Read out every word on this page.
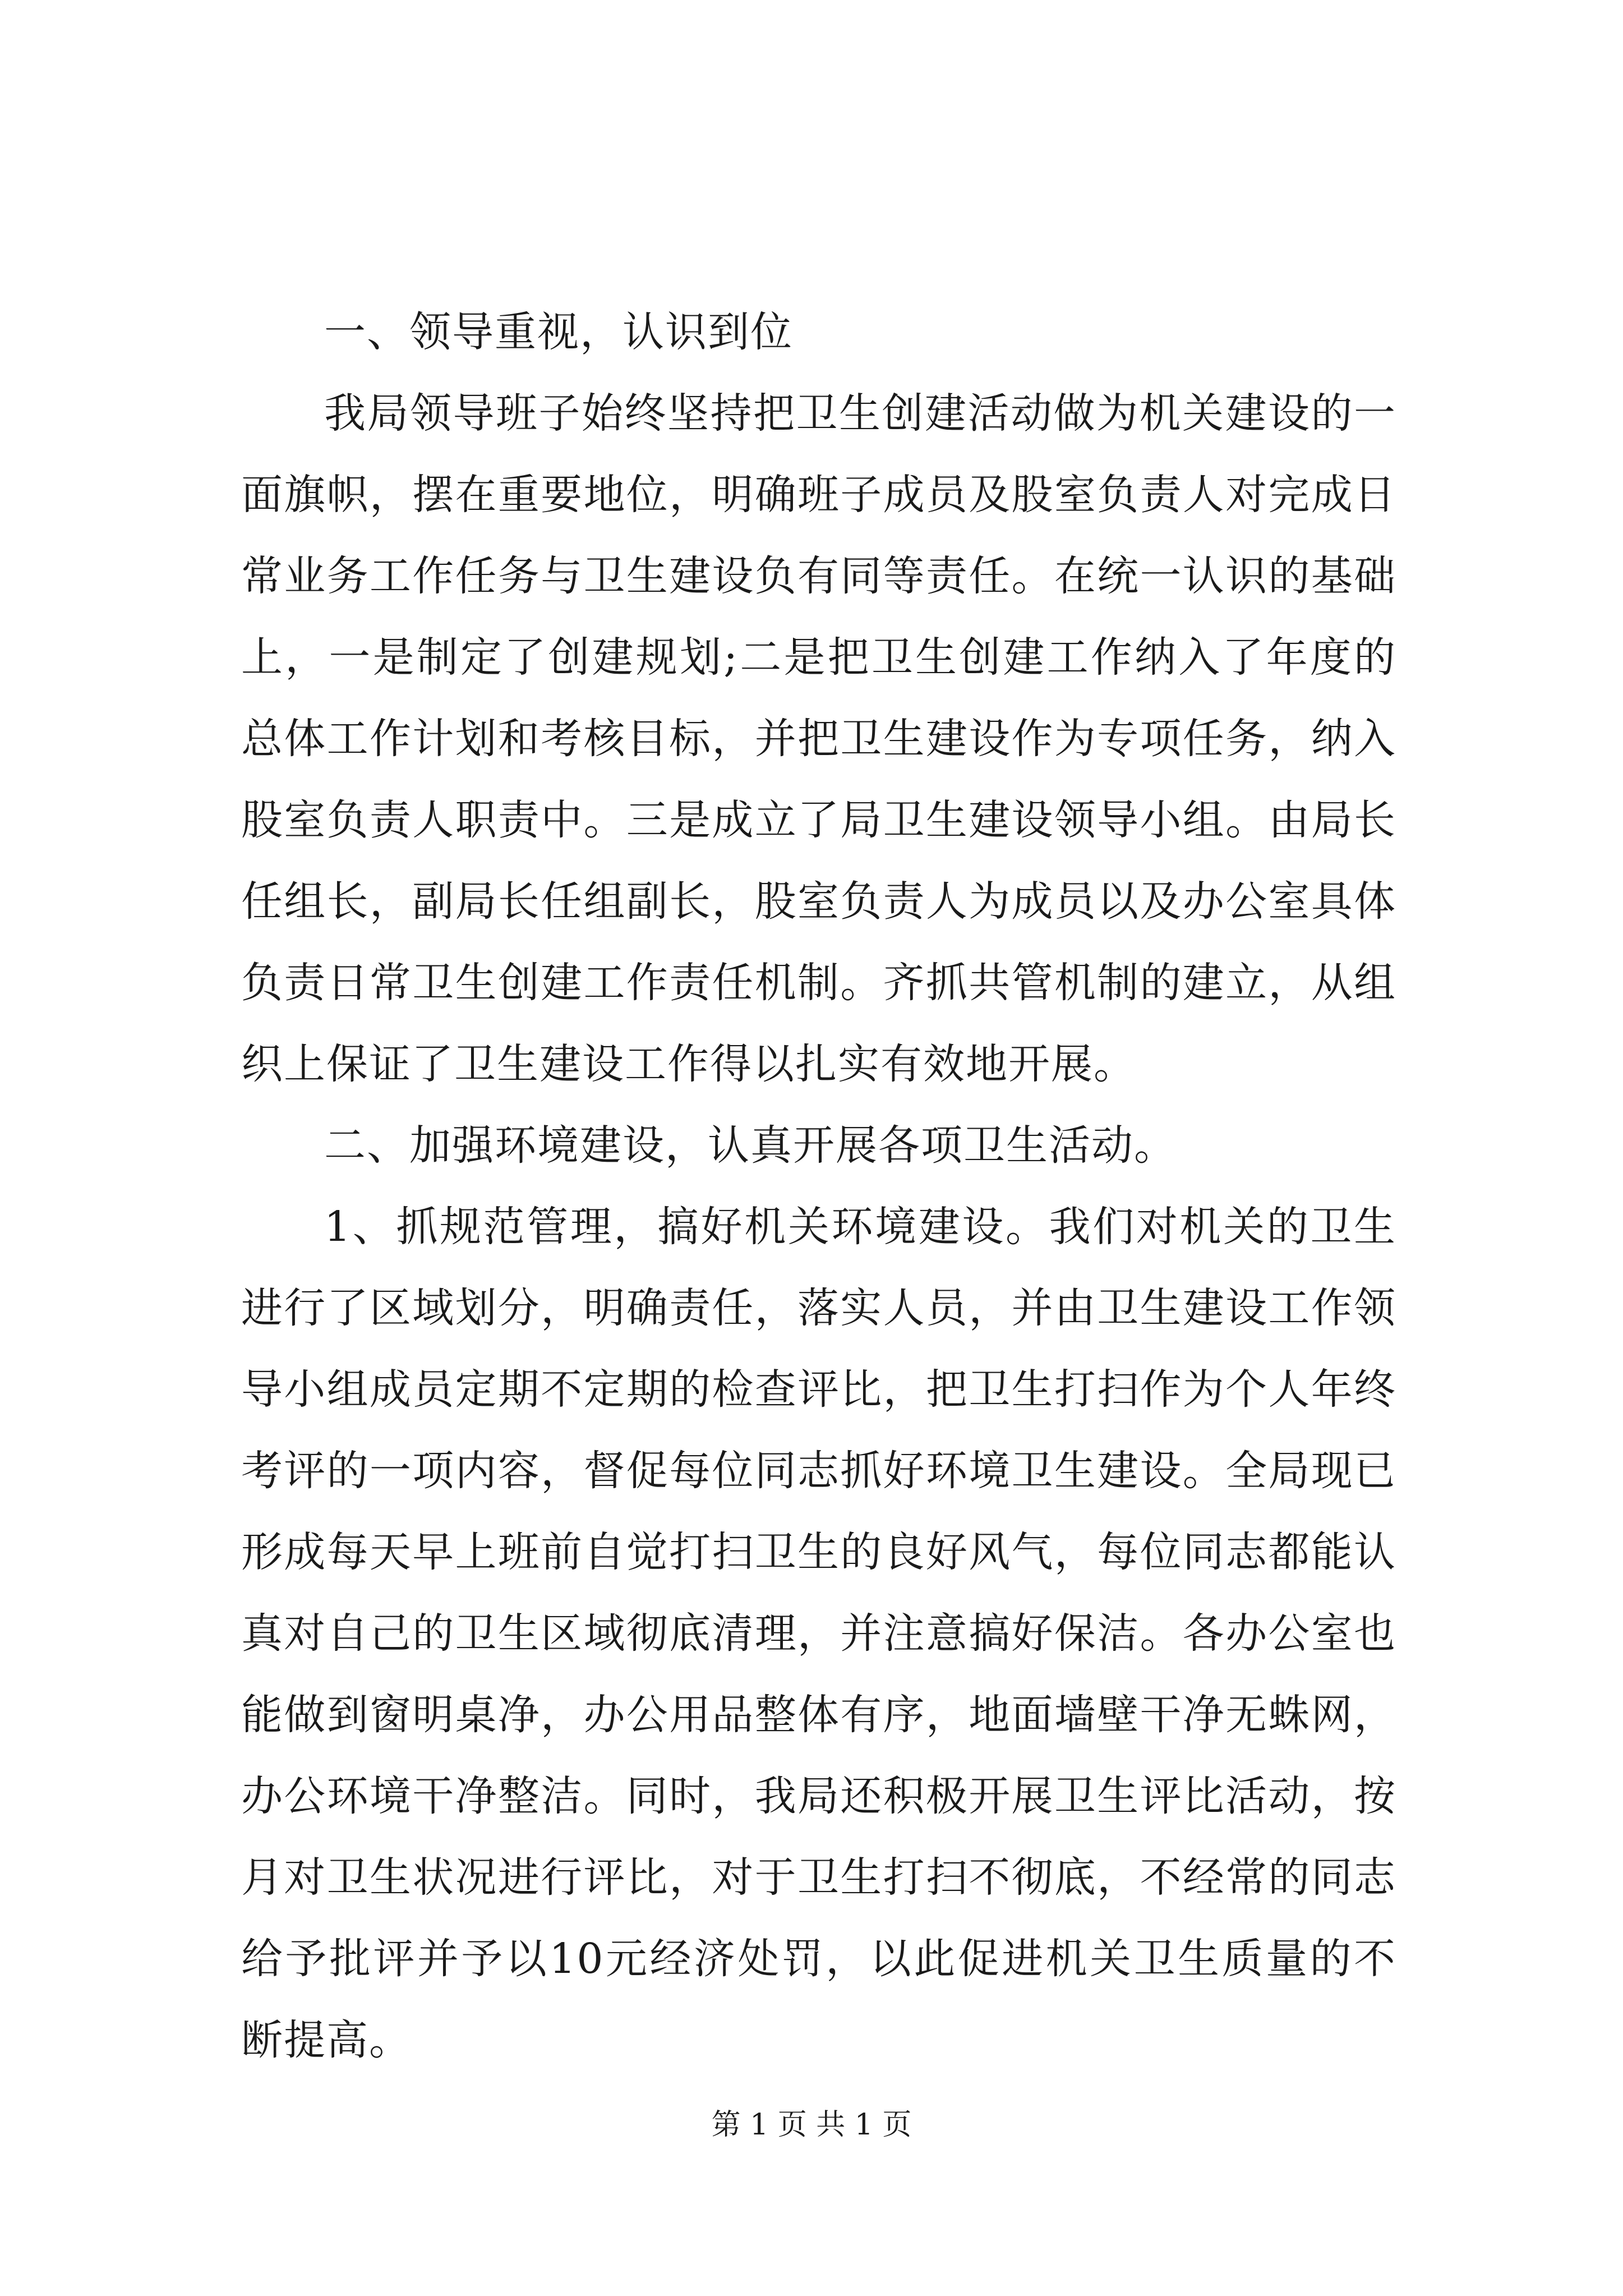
一、领导重视，认识到位

我局领导班子始终坚持把卫生创建活动做为机关建设的一面旗帜，摆在重要地位，明确班子成员及股室负责人对完成日常业务工作任务与卫生建设负有同等责任。在统一认识的基础上，一是制定了创建规划;二是把卫生创建工作纳入了年度的总体工作计划和考核目标，并把卫生建设作为专项任务，纳入股室负责人职责中。三是成立了局卫生建设领导小组。由局长任组长，副局长任组副长，股室负责人为成员以及办公室具体负责日常卫生创建工作责任机制。齐抓共管机制的建立，从组织上保证了卫生建设工作得以扎实有效地开展。

二、加强环境建设，认真开展各项卫生活动。

1、抓规范管理，搞好机关环境建设。我们对机关的卫生进行了区域划分，明确责任，落实人员，并由卫生建设工作领导小组成员定期不定期的检查评比，把卫生打扫作为个人年终考评的一项内容，督促每位同志抓好环境卫生建设。全局现已形成每天早上班前自觉打扫卫生的良好风气，每位同志都能认真对自己的卫生区域彻底清理，并注意搞好保洁。各办公室也能做到窗明桌净，办公用品整体有序，地面墙壁干净无蛛网，办公环境干净整洁。同时，我局还积极开展卫生评比活动，按月对卫生状况进行评比，对于卫生打扫不彻底，不经常的同志给予批评并予以10元经济处罚，以此促进机关卫生质量的不断提高。

第 1 页 共 1 页
